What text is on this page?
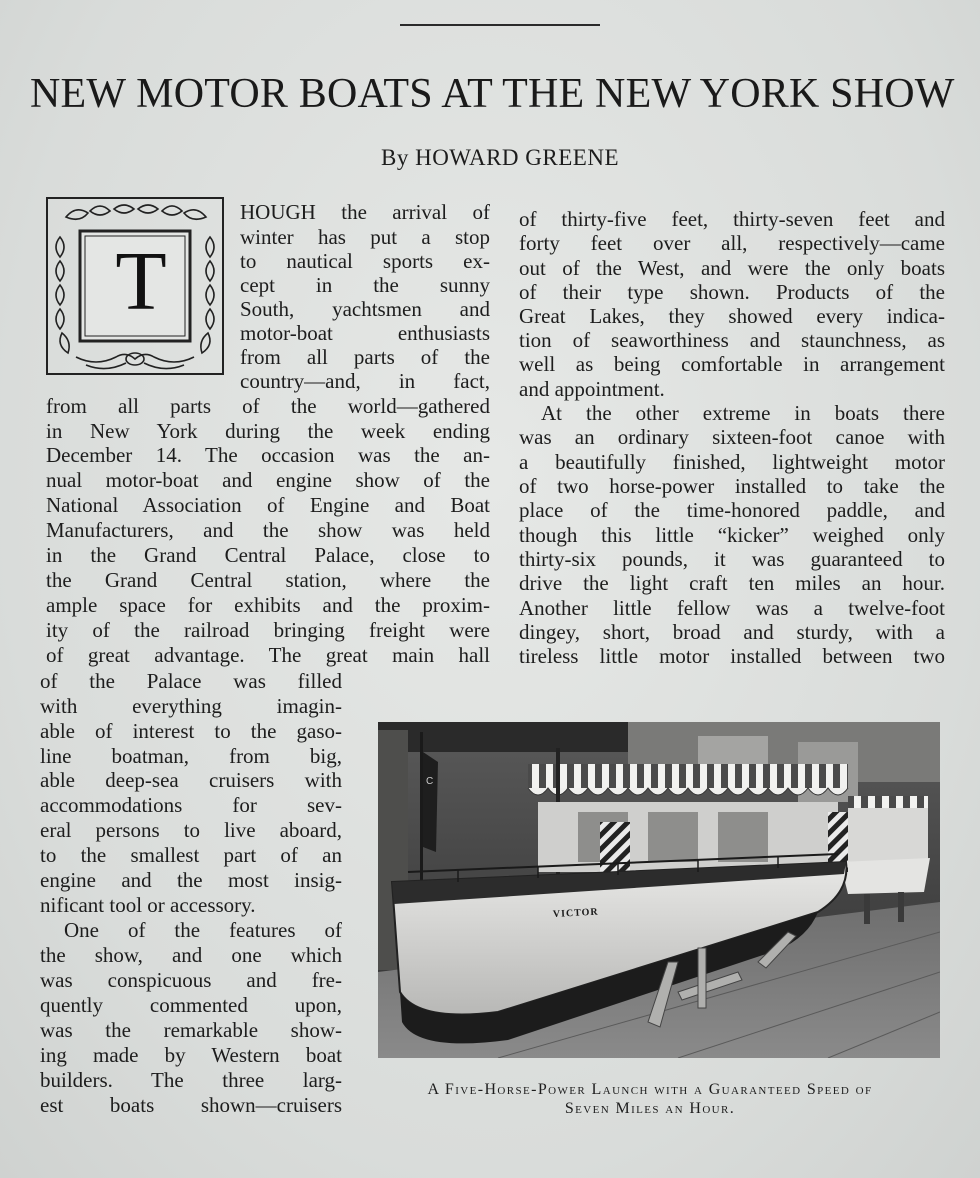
NEW MOTOR BOATS AT THE NEW YORK SHOW
By HOWARD GREENE
T
HOUGH the arrival of
winter has put a stop
to nautical sports ex-
cept in the sunny
South, yachtsmen and
motor-boat enthusiasts
from all parts of the
country—and, in fact,
from all parts of the world—gathered
in New York during the week ending
December 14. The occasion was the an-
nual motor-boat and engine show of the
National Association of Engine and Boat
Manufacturers, and the show was held
in the Grand Central Palace, close to
the Grand Central station, where the
ample space for exhibits and the proxim-
ity of the railroad bringing freight were
of great advantage. The great main hall
of the Palace was filled
with everything imagin-
able of interest to the gaso-
line boatman, from big,
able deep-sea cruisers with
accommodations for sev-
eral persons to live aboard,
to the smallest part of an
engine and the most insig-
nificant tool or accessory.
One of the features of
the show, and one which
was conspicuous and fre-
quently commented upon,
was the remarkable show-
ing made by Western boat
builders. The three larg-
est boats shown—cruisers
of thirty-five feet, thirty-seven feet and
forty feet over all, respectively—came
out of the West, and were the only boats
of their type shown. Products of the
Great Lakes, they showed every indica-
tion of seaworthiness and staunchness, as
well as being comfortable in arrangement
and appointment.
At the other extreme in boats there
was an ordinary sixteen-foot canoe with
a beautifully finished, lightweight motor
of two horse-power installed to take the
place of the time-honored paddle, and
though this little “kicker” weighed only
thirty-six pounds, it was guaranteed to
drive the light craft ten miles an hour.
Another little fellow was a twelve-foot
dingey, short, broad and sturdy, with a
tireless little motor installed between two
C
VICTOR
A Five-Horse-Power Launch with a Guaranteed Speed of
Seven Miles an Hour.
